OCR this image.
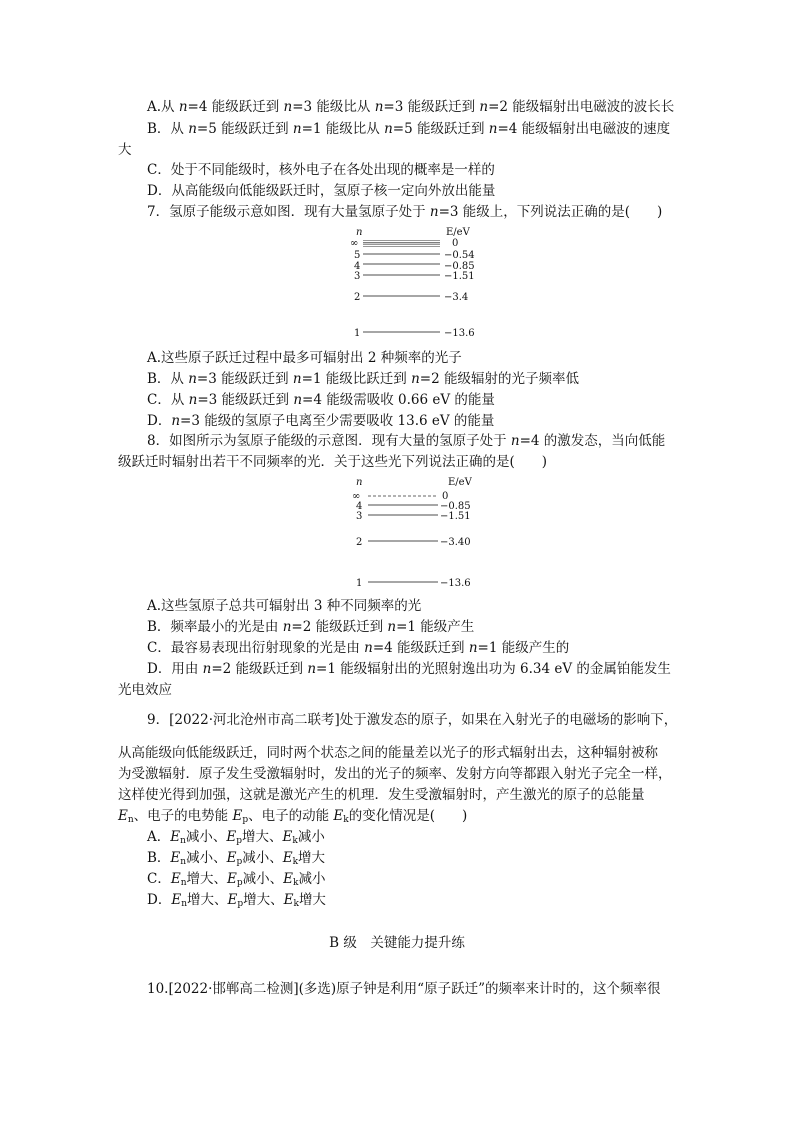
A.从 n=4 能级跃迁到 n=3 能级比从 n=3 能级跃迁到 n=2 能级辐射出电磁波的波长长
B．从 n=5 能级跃迁到 n=1 能级比从 n=5 能级跃迁到 n=4 能级辐射出电磁波的速度
大
C．处于不同能级时，核外电子在各处出现的概率是一样的
D．从高能级向低能级跃迁时，氢原子核一定向外放出能量
7．氢原子能级示意如图．现有大量氢原子处于 n=3 能级上，下列说法正确的是(　　)
n	E/eV
∞	0
5	−0.54
4	−0.85
3	−1.51
2	−3.4
1	−13.6
A.这些原子跃迁过程中最多可辐射出 2 种频率的光子
B．从 n=3 能级跃迁到 n=1 能级比跃迁到 n=2 能级辐射的光子频率低
C．从 n=3 能级跃迁到 n=4 能级需吸收 0.66 eV 的能量
D．n=3 能级的氢原子电离至少需要吸收 13.6 eV 的能量
8．如图所示为氢原子能级的示意图．现有大量的氢原子处于 n=4 的激发态，当向低能
级跃迁时辐射出若干不同频率的光．关于这些光下列说法正确的是(　　)
n	E/eV
∞	0
4	−0.85
3	−1.51
2	−3.40
1	−13.6
A.这些氢原子总共可辐射出 3 种不同频率的光
B．频率最小的光是由 n=2 能级跃迁到 n=1 能级产生
C．最容易表现出衍射现象的光是由 n=4 能级跃迁到 n=1 能级产生的
D．用由 n=2 能级跃迁到 n=1 能级辐射出的光照射逸出功为 6.34 eV 的金属铂能发生
光电效应
9．[2022·河北沧州市高二联考]处于激发态的原子，如果在入射光子的电磁场的影响下，
从高能级向低能级跃迁，同时两个状态之间的能量差以光子的形式辐射出去，这种辐射被称
为受激辐射．原子发生受激辐射时，发出的光子的频率、发射方向等都跟入射光子完全一样，
这样使光得到加强，这就是激光产生的机理．发生受激辐射时，产生激光的原子的总能量
$E_n$、电子的电势能 $E_p$、电子的动能 $E_k$的变化情况是(　　)
A．$E_n$减小、$E_p$增大、$E_k$减小
B．$E_n$减小、$E_p$减小、$E_k$增大
C．$E_n$增大、$E_p$减小、$E_k$减小
D．$E_n$增大、$E_p$增大、$E_k$增大
B 级　关键能力提升练
10.[2022·邯郸高二检测](多选)原子钟是利用“原子跃迁”的频率来计时的，这个频率很
